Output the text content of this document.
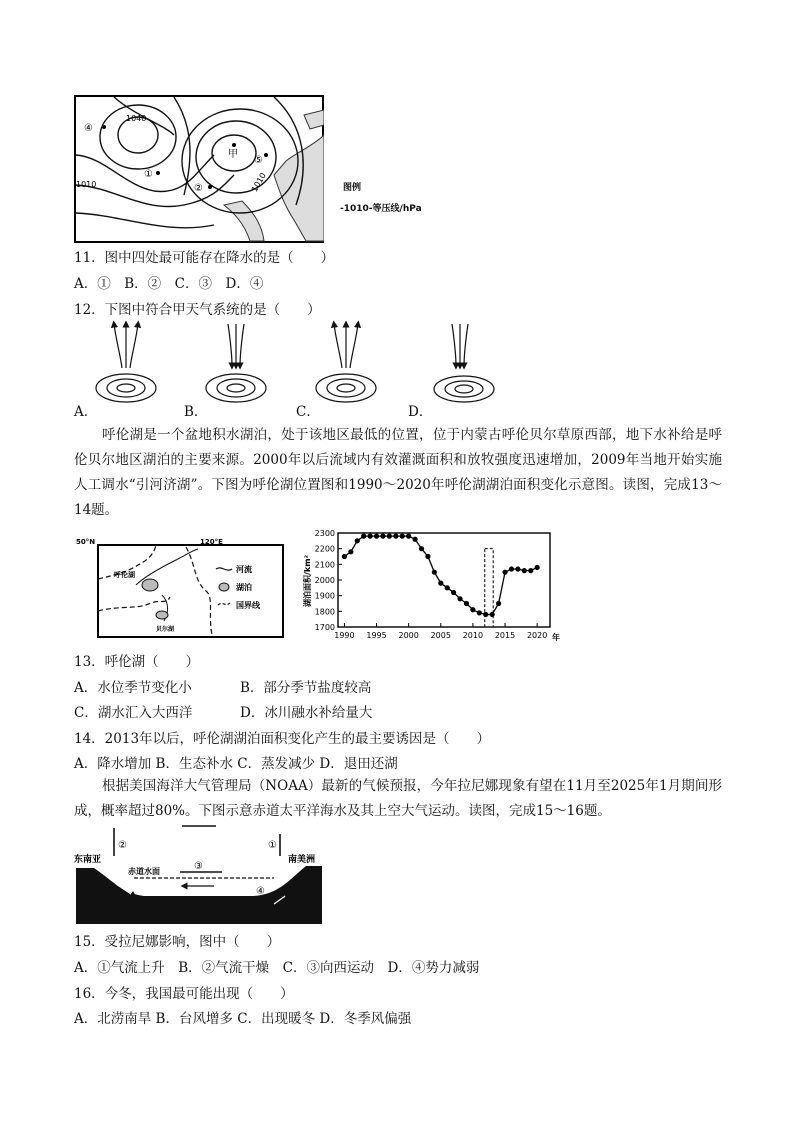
1040
1010	1010
甲
①
②
④
⑤
图例
-1010-等压线/hPa
11．图中四处最可能存在降水的是（　　）
A．①　B．②　C．③　D．④
12．下图中符合甲天气系统的是（　　）
A．	B．	C．	D．
呼伦湖是一个盆地积水湖泊，处于该地区最低的位置，位于内蒙古呼伦贝尔草原西部，地下水补给是呼伦贝尔地区湖泊的主要来源。2000年以后流域内有效灌溉面积和放牧强度迅速增加，2009年当地开始实施人工调水“引河济湖”。下图为呼伦湖位置图和1990～2020年呼伦湖湖泊面积变化示意图。读图，完成13～14题。
50°N	120°E
呼伦湖
贝尔湖
河流
湖泊
国界线	湖泊面积/km²
年
1700
1800
1900
2000
2100
2200
2300
1990 1995 2000 2005 2010 2015 2020
13．呼伦湖（　　）
A．水位季节变化小	B．部分季节盐度较高
C．湖水汇入大西洋	D．冰川融水补给量大
14．2013年以后，呼伦湖湖泊面积变化产生的最主要诱因是（　　）
A．降水增加 B．生态补水 C．蒸发减少 D．退田还湖
根据美国海洋大气管理局（NOAA）最新的气候预报，今年拉尼娜现象有望在11月至2025年1月期间形成，概率超过80%。下图示意赤道太平洋海水及其上空大气运动。读图，完成15～16题。
东南亚	南美洲
赤道水面
②	①
③
④
15．受拉尼娜影响，图中（　　）
A．①气流上升　B．②气流干燥　C．③向西运动　D．④势力减弱
16．今冬，我国最可能出现（　　）
A．北涝南旱 B．台风增多 C．出现暖冬 D．冬季风偏强
